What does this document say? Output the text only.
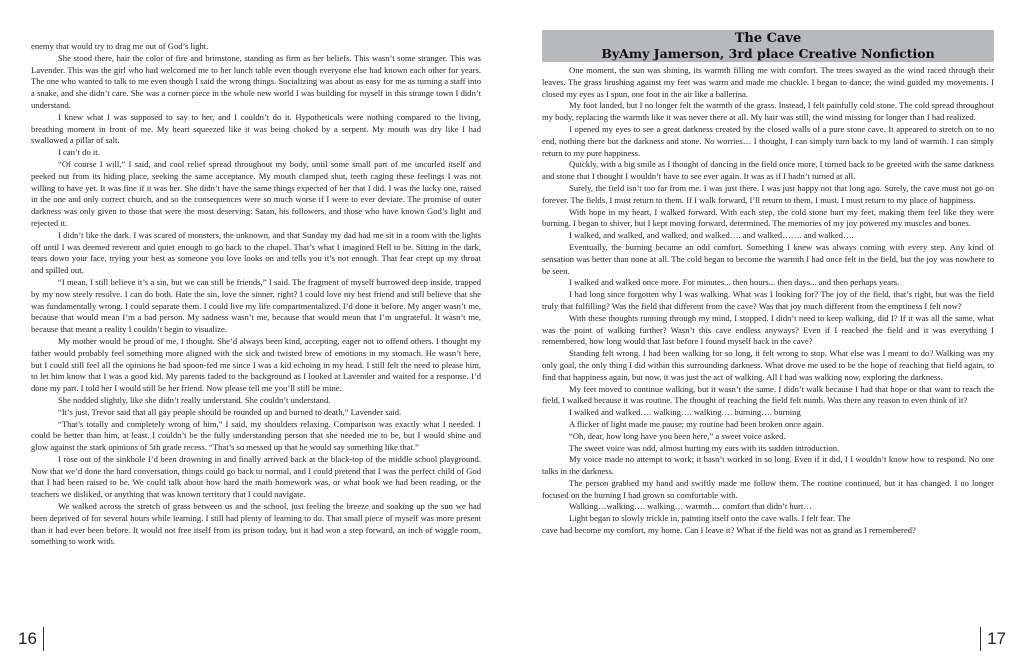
enemy that would try to drag me out of God’s light.

She stood there, hair the color of fire and brimstone, standing as firm as her beliefs. This wasn’t some stranger. This was Lavender. This was the girl who had welcomed me to her lunch table even though everyone else had known each other for years. The one who wanted to talk to me even though I said the wrong things. Socializing was about as easy for me as turning a staff into a snake, and she didn’t care. She was a corner piece in the whole new world I was building for myself in this strange town I didn’t understand.

I knew what I was supposed to say to her, and I couldn’t do it. Hypotheticals were nothing compared to the living, breathing moment in front of me. My heart squeezed like it was being choked by a serpent. My mouth was dry like I had swallowed a pillar of salt.

I can’t do it.

“Of course I will,” I said, and cool relief spread throughout my body, until some small part of me uncurled itself and peeked out from its hiding place, seeking the same acceptance. My mouth clamped shut, teeth caging these feelings I was not willing to have yet. It was fine if it was her. She didn’t have the same things expected of her that I did. I was the lucky one, raised in the one and only correct church, and so the consequences were so much worse if I were to ever deviate. The promise of outer darkness was only given to those that were the most deserving: Satan, his followers, and those who have known God’s light and rejected it.

I didn’t like the dark. I was scared of monsters, the unknown, and that Sunday my dad had me sit in a room with the lights off until I was deemed reverent and quiet enough to go back to the chapel. That’s what I imagined Hell to be. Sitting in the dark, tears down your face, trying your best as someone you love looks on and tells you it’s not enough. That fear crept up my throat and spilled out.

“I mean, I still believe it’s a sin, but we can still be friends,” I said. The fragment of myself burrowed deep inside, trapped by my now steely resolve. I can do both. Hate the sin, love the sinner, right? I could love my best friend and still believe that she was fundamentally wrong. I could separate them. I could live my life compartmentalized. I’d done it before. My anger wasn’t me, because that would mean I’m a bad person. My sadness wasn’t me, because that would mean that I’m ungrateful. It wasn’t me, because that meant a reality I couldn’t begin to visualize.

My mother would be proud of me, I thought. She’d always been kind, accepting, eager not to offend others. I thought my father would probably feel something more aligned with the sick and twisted brew of emotions in my stomach. He wasn’t here, but I could still feel all the opinions he had spoon-fed me since I was a kid echoing in my head. I still felt the need to please him, to let him know that I was a good kid. My parents faded to the background as I looked at Lavender and waited for a response. I’d done my part. I told her I would still be her friend. Now please tell me you’ll still be mine.

She nodded slightly, like she didn’t really understand. She couldn’t understand.

“It’s just, Trevor said that all gay people should be rounded up and burned to death,” Lavender said.

“That’s totally and completely wrong of him,” I said, my shoulders relaxing. Comparison was exactly what I needed. I could be better than him, at least. I couldn’t be the fully understanding person that she needed me to be, but I would shine and glow against the stark opinions of 5th grade recess. “That’s so messed up that he would say something like that.”

I rose out of the sinkhole I’d been drowning in and finally arrived back at the black-top of the middle school playground. Now that we’d done the hard conversation, things could go back to normal, and I could pretend that I was the perfect child of God that I had been raised to be. We could talk about how hard the math homework was, or what book we had been reading, or the teachers we disliked, or anything that was known territory that I could navigate.

We walked across the stretch of grass between us and the school, just feeling the breeze and soaking up the sun we had been deprived of for several hours while learning. I still had plenty of learning to do. That small piece of myself was more present than it had ever been before. It would not free itself from its prison today, but it had won a step forward, an inch of wiggle room, something to work with.

16
The Cave
ByAmy Jamerson, 3rd place Creative Nonfiction

One moment, the sun was shining, its warmth filling me with comfort. The trees swayed as the wind raced through their leaves. The grass brushing against my feet was warm and made me chuckle. I began to dance; the wind guided my movements. I closed my eyes as I spun, one foot in the air like a ballerina.

My foot landed, but I no longer felt the warmth of the grass. Instead, I felt painfully cold stone. The cold spread throughout my body, replacing the warmth like it was never there at all. My hair was still, the wind missing for longer than I had realized.

I opened my eyes to see a great darkness created by the closed walls of a pure stone cave. It appeared to stretch on to no end, nothing there but the darkness and stone. No worries… I thought, I can simply turn back to my land of warmth. I can simply return to my pure happiness.

Quickly, with a big smile as I thought of dancing in the field once more, I turned back to be greeted with the same darkness and stone that I thought I wouldn’t have to see ever again. It was as if I hadn’t turned at all.

Surely, the field isn’t too far from me. I was just there. I was just happy not that long ago. Surely, the cave must not go on forever. The fields, I must return to them. If I walk forward, I’ll return to them, I must. I must return to my place of happiness.

With hope in my heart, I walked forward. With each step, the cold stone hurt my feet, making them feel like they were burning. I began to shiver, but I kept moving forward, determined. The memories of my joy powered my muscles and bones.

I walked, and walked, and walked, and walked…. and walked……. and walked….

Eventually, the burning became an odd comfort. Something I knew was always coming with every step. Any kind of sensation was better than none at all. The cold began to become the warmth I had once felt in the field, but the joy was nowhere to be seen.

I walked and walked once more. For minutes... then hours... then days... and then perhaps years.

I had long since forgotten why I was walking. What was I looking for? The joy of the field, that’s right, but was the field truly that fulfilling? Was the field that different from the cave? Was that joy much different from the emptiness I felt now?

With these thoughts running through my mind, I stopped. I didn’t need to keep walking, did I? If it was all the same, what was the point of walking further? Wasn’t this cave endless anyways? Even if I reached the field and it was everything I remembered, how long would that last before I found myself back in the cave?

Standing felt wrong. I had been walking for so long, it felt wrong to stop. What else was I meant to do? Walking was my only goal, the only thing I did within this surrounding darkness. What drove me used to be the hope of reaching that field again, to find that happiness again, but now, it was just the act of walking. All I had was walking now, exploring the darkness.

My feet moved to continue walking, but it wasn’t the same. I didn’t walk because I had that hope or that want to reach the field, I walked because it was routine. The thought of reaching the field felt numb. Was there any reason to even think of it?

I walked and walked…. walking…. walking…. burning…. burning

A flicker of light made me pause; my routine had been broken once again.

“Oh, dear, how long have you been here,” a sweet voice asked.

The sweet voice was odd, almost hurting my ears with its sudden introduction.

My voice made no attempt to work; it hasn’t worked in so long. Even if it did, I I wouldn’t know how to respond. No one talks in the darkness.

The person grabbed my hand and swiftly made me follow them. The routine continued, but it has changed. I no longer focused on the burning I had grown so comfortable with.

Walking…walking…. walking… warmth… comfort that didn’t hurt…

Light began to slowly trickle in, painting itself onto the cave walls. I felt fear. The

cave had become my comfort, my home. Can I leave it? What if the field was not as grand as I remembered?

17
